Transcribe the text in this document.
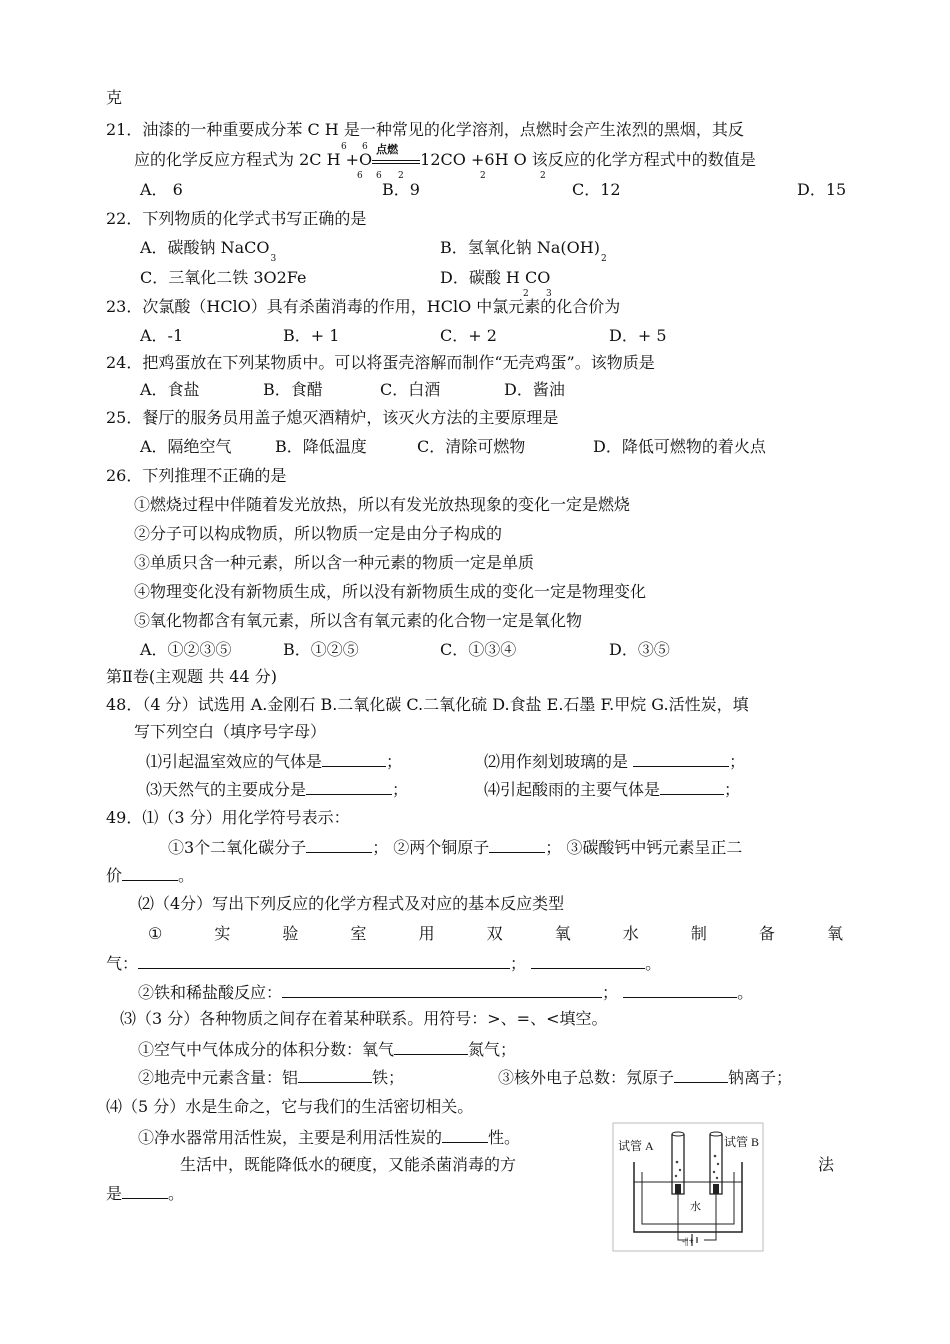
克
21．油漆的一种重要成分苯 C H 是一种常见的化学溶剂，点燃时会产生浓烈的黑烟，其反
6 6
应的化学反应方程式为 2C H +O
点燃
12CO +6H O 该反应的化学方程式中的数值是
6 6 2	2	2
A． 6	B．9	C．12	D．15
22．下列物质的化学式书写正确的是
A．碳酸钠 NaCO$_3$
B．氢氧化钠 $Na(OH)_2$
C．三氧化二铁 3O2Fe	D．碳酸 H CO
2 3
23．次氯酸（HClO）具有杀菌消毒的作用，HClO 中氯元素的化合价为
A．-1	B．+ 1	C．+ 2	D．+ 5
24．把鸡蛋放在下列某物质中。可以将蛋壳溶解而制作“无壳鸡蛋”。该物质是
A．食盐	B．食醋	C．白酒	D．酱油
25．餐厅的服务员用盖子熄灭酒精炉，该灭火方法的主要原理是
A．隔绝空气	B．降低温度	C．清除可燃物	D．降低可燃物的着火点
26．下列推理不正确的是
①燃烧过程中伴随着发光放热，所以有发光放热现象的变化一定是燃烧
②分子可以构成物质，所以物质一定是由分子构成的
③单质只含一种元素，所以含一种元素的物质一定是单质
④物理变化没有新物质生成，所以没有新物质生成的变化一定是物理变化
⑤氧化物都含有氧元素，所以含有氧元素的化合物一定是氧化物
A．①②③⑤	B．①②⑤	C．①③④	D．③⑤
第Ⅱ卷(主观题 共 44 分)
48．（4 分）试选用 A.金刚石 B.二氧化碳 C.二氧化硫 D.食盐 E.石墨 F.甲烷 G.活性炭，填
写下列空白（填序号字母）
⑴引起温室效应的气体是	；	⑵用作刻划玻璃的是	；
⑶天然气的主要成分是	；	⑷引起酸雨的主要气体是	；
49．⑴（3 分）用化学符号表示：
①3个二氧化碳分子	； ②两个铜原子	； ③碳酸钙中钙元素呈正二
价	。
⑵（4分）写出下列反应的化学方程式及对应的基本反应类型
①	实	验	室	用	双	氧	水	制	备	氧
气：	；	。
②铁和稀盐酸反应：	；	。
⑶（3 分）各种物质之间存在着某种联系。用符号：>、=、<填空。
①空气中气体成分的体积分数：氧气	氮气；
②地壳中元素含量：铝	铁；	③核外电子总数：氖原子	钠离子；
⑷（5 分）水是生命之，它与我们的生活密切相关。
①净水器常用活性炭，主要是利用活性炭的	性。
生活中，既能降低水的硬度，又能杀菌消毒的方	法
是	。
试管 A	试管 B
水
-||+
